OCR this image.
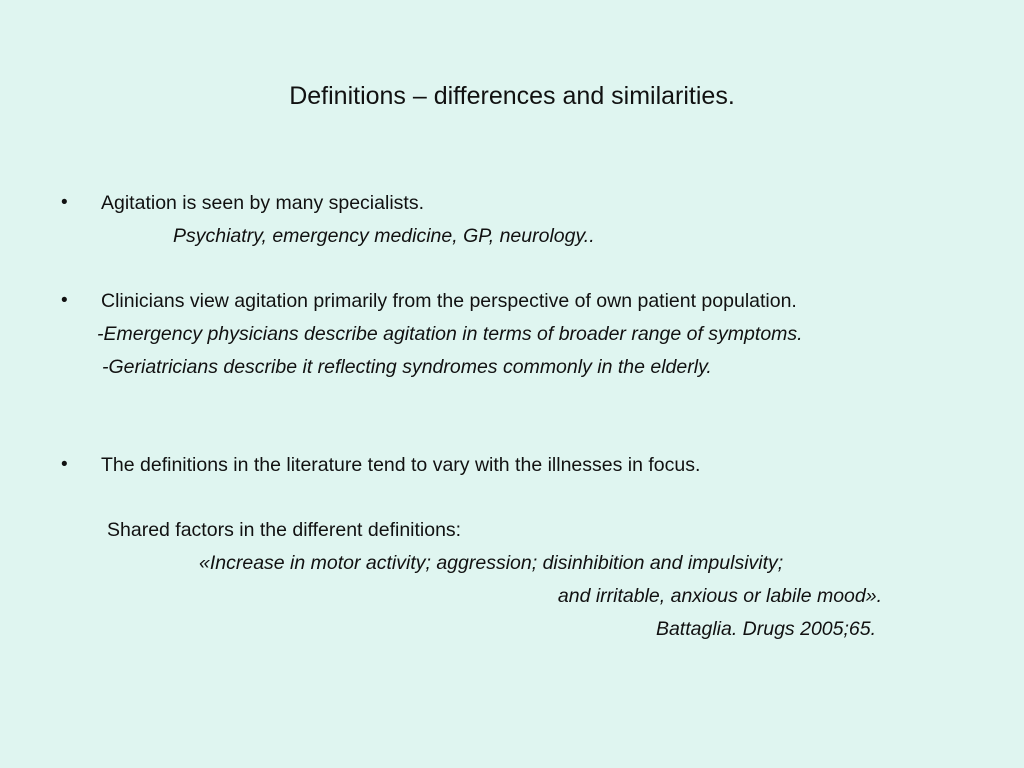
Definitions – differences and similarities.
• Agitation is seen by many specialists.
Psychiatry, emergency medicine, GP, neurology..
• Clinicians view agitation primarily from the perspective of own patient population.
-Emergency physicians describe agitation in terms of broader range of symptoms.
-Geriatricians describe it reflecting syndromes commonly in the elderly.
• The definitions in the literature tend to vary with the illnesses in focus.
Shared factors in the different definitions:
«Increase in motor activity; aggression; disinhibition and impulsivity;
and irritable, anxious or labile mood».
Battaglia. Drugs 2005;65.
